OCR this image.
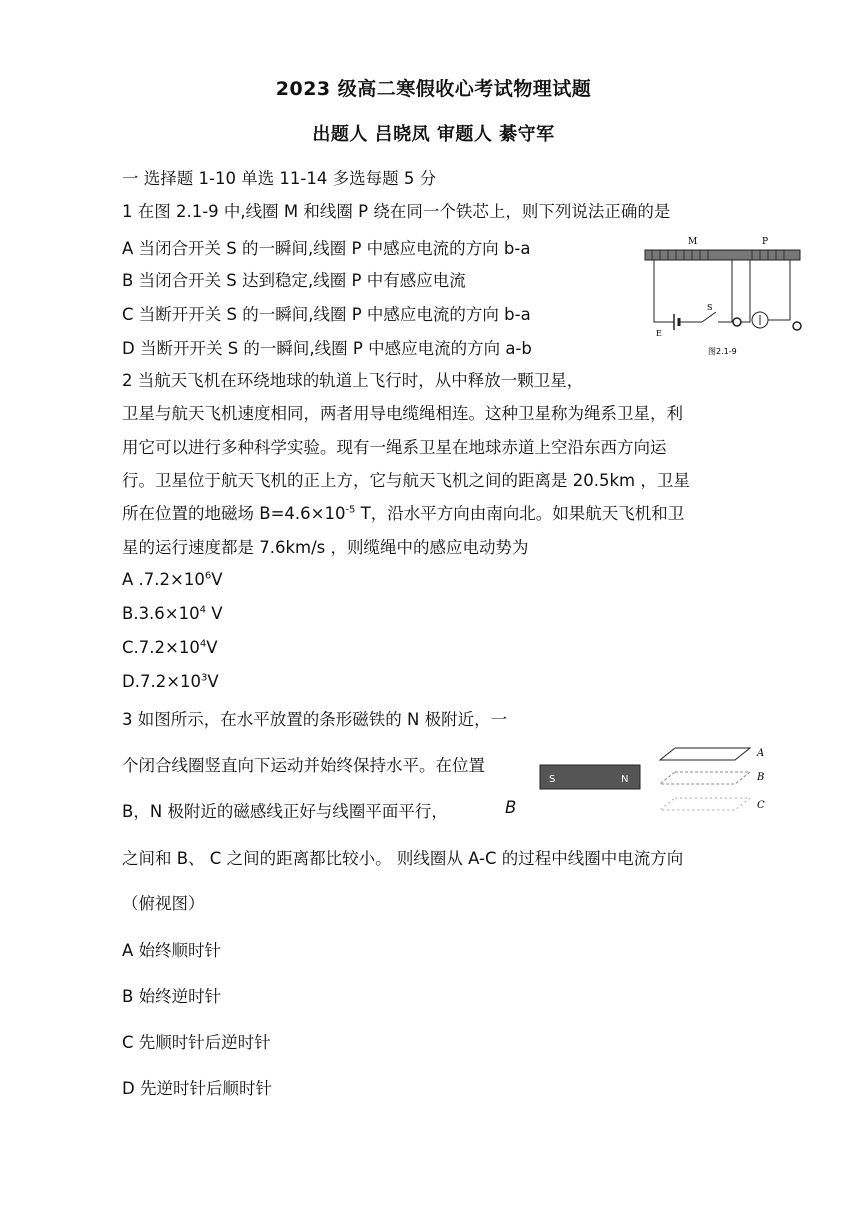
2023 级高二寒假收心考试物理试题
出题人 吕晓凤 审题人 綦守军
一 选择题 1-10 单选 11-14 多选每题 5 分
1 在图 2.1-9 中,线圈 M 和线圈 P 绕在同一个铁芯上，则下列说法正确的是
A 当闭合开关 S 的一瞬间,线圈 P 中感应电流的方向 b-a
B 当闭合开关 S 达到稳定,线圈 P 中有感应电流
C 当断开开关 S 的一瞬间,线圈 P 中感应电流的方向 b-a
D 当断开开关 S 的一瞬间,线圈 P 中感应电流的方向 a-b
M	P
S
E
图2.1-9
2 当航天飞机在环绕地球的轨道上飞行时，从中释放一颗卫星，
卫星与航天飞机速度相同，两者用导电缆绳相连。这种卫星称为绳系卫星，利
用它可以进行多种科学实验。现有一绳系卫星在地球赤道上空沿东西方向运
行。卫星位于航天飞机的正上方，它与航天飞机之间的距离是 20.5km ，卫星
所在位置的地磁场 $B=4.6\times 10^{-5}$ T，沿水平方向由南向北。如果航天飞机和卫
星的运行速度都是 7.6km/s ，则缆绳中的感应电动势为
A $.7.2\times 10^6V$
$B.3.6\times 10^4$ V
$C.7.2\times 10^4V$
$D.7.2\times 10^3V$
3 如图所示，在水平放置的条形磁铁的 N 极附近，一
个闭合线圈竖直向下运动并始终保持水平。在位置
B，N 极附近的磁感线正好与线圈平面平行，	B
之间和 B、 C 之间的距离都比较小。 则线圈从 A-C 的过程中线圈中电流方向
（俯视图）
S	N
A
B
C
A 始终顺时针
B 始终逆时针
C 先顺时针后逆时针
D 先逆时针后顺时针
